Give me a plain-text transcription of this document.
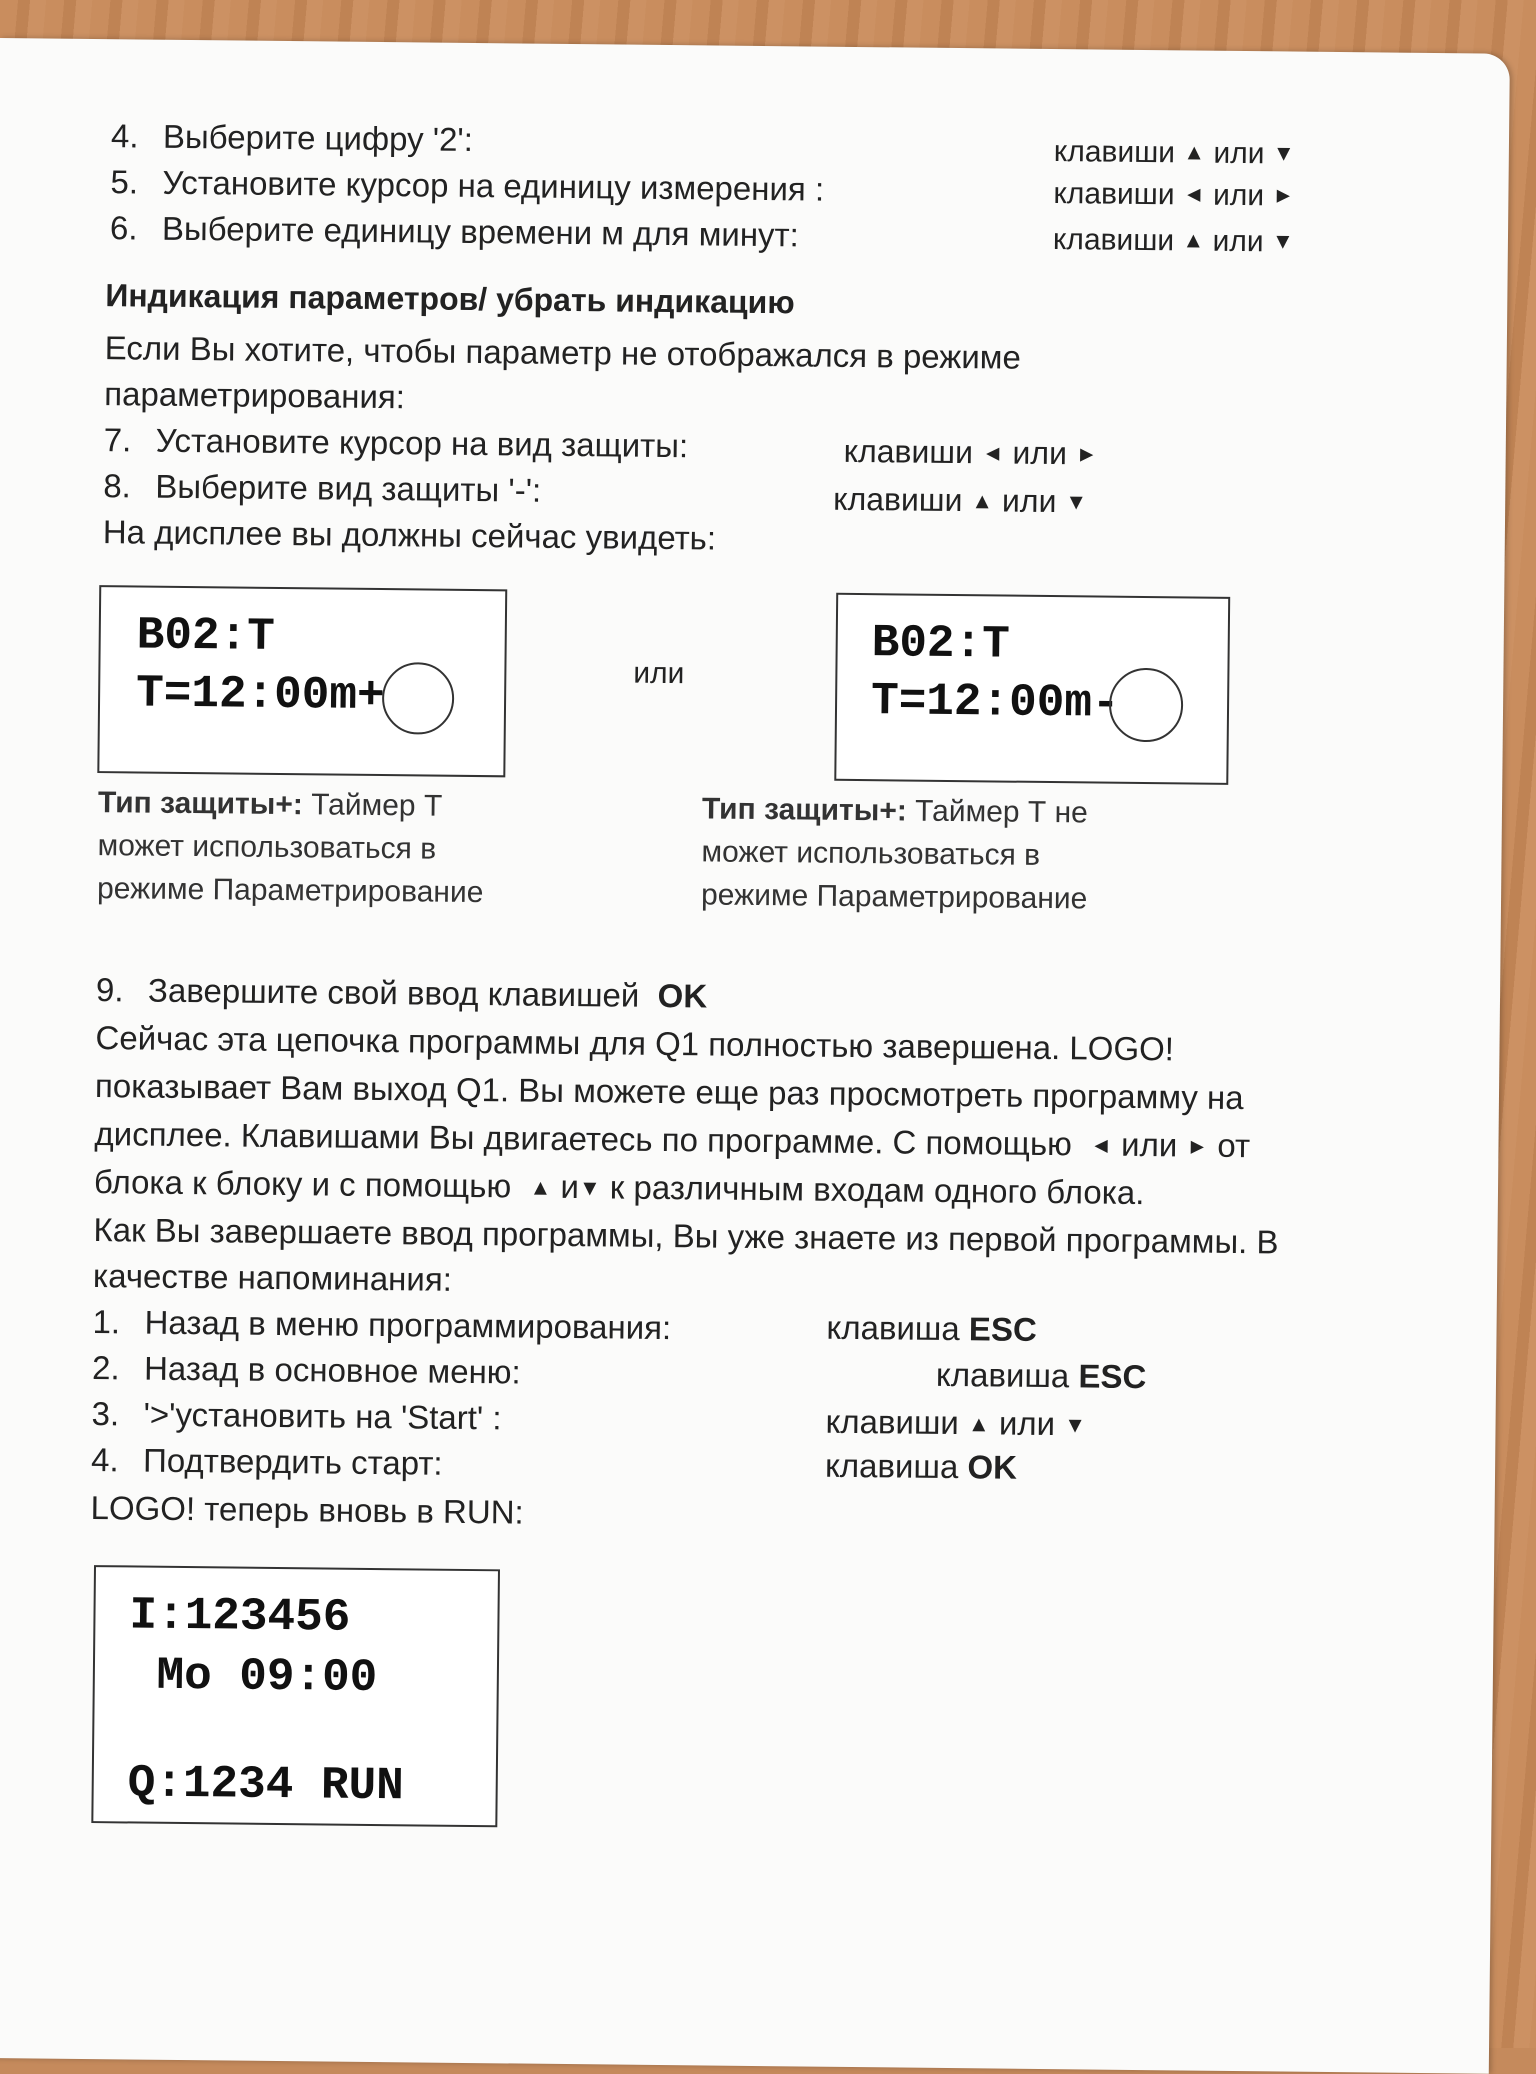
4. Выберите цифру '2':	клавиши ▲ или ▼
5. Установите курсор на единицу измерения :	клавиши ◄ или ►
6. Выберите единицу времени м для минут:	клавиши ▲ или ▼
Индикация параметров/ убрать индикацию
Если Вы хотите, чтобы параметр не отображался в режиме
параметрирования:
7. Установите курсор на вид защиты:	клавиши ◄ или ►
8. Выберите вид защиты '-':	клавиши ▲ или ▼
На дисплее вы должны сейчас увидеть:
B02:T
T=12:00m+	или
B02:T
T=12:00m-
Тип защиты+: Таймер Т
может использоваться в
режиме Параметрирование
Тип защиты+: Таймер Т не
может использоваться в
режиме Параметрирование
9. Завершите свой ввод клавишей OK
Сейчас эта цепочка программы для Q1 полностью завершена. LOGO!
показывает Вам выход Q1. Вы можете еще раз просмотреть программу на
дисплее. Клавишами Вы двигаетесь по программе. С помощью ◄ или ► от
блока к блоку и с помощью ▲ и▼ к различным входам одного блока.
Как Вы завершаете ввод программы, Вы уже знаете из первой программы. В
качестве напоминания:
1. Назад в меню программирования:	клавиша ESC
2. Назад в основное меню:	клавиша ESC
3. '>'установить на 'Start' :	клавиши ▲ или ▼
4. Подтвердить старт:	клавиша OK
LOGO! теперь вновь в RUN:
I:123456
Mo 09:00
Q:1234 RUN
